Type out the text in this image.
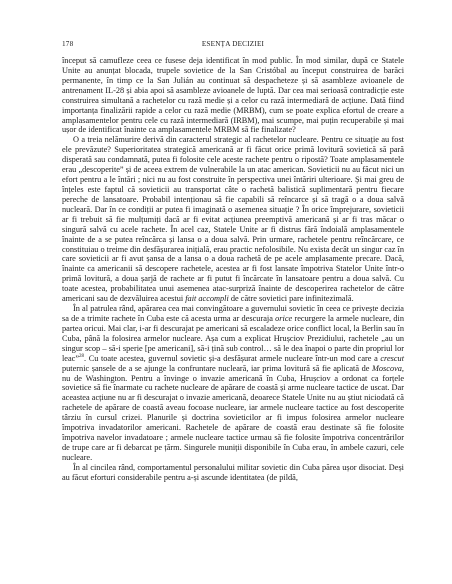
178	ESENȚA DECIZIEI

început să camufleze ceea ce fusese deja identificat în mod public. În mod similar, după ce Statele Unite au anunțat blocada, trupele sovietice de la San Cristóbal au început construirea de barăci permanente, în timp ce la San Julián au continuat să despacheteze și să asambleze avioanele de antrenament IL-28 și abia apoi să asambleze avioanele de luptă. Dar cea mai serioasă contradicție este construirea simultană a rachetelor cu rază medie și a celor cu rază intermediară de acțiune. Dată fiind importanța finalizării rapide a celor cu rază medie (MRBM), cum se poate explica efortul de creare a amplasamentelor pentru cele cu rază intermediară (IRBM), mai scumpe, mai puțin recuperabile și mai ușor de identificat înainte ca amplasamentele MRBM să fie finalizate?

O a treia nelămurire derivă din caracterul strategic al rachetelor nucleare. Pentru ce situație au fost ele prevăzute? Superioritatea strategică americană ar fi făcut orice primă lovitură sovietică să pară disperată sau condamnată, putea fi folosite cele aceste rachete pentru o ripostă? Toate amplasamentele erau „descoperite” și de aceea extrem de vulnerabile la un atac american. Sovieticii nu au făcut nici un efort pentru a le întări ; nici nu au fost construite în perspectiva unei întăriri ulterioare. Și mai greu de înțeles este faptul că sovieticii au transportat câte o rachetă balistică suplimentară pentru fiecare perechе de lansatoare. Probabil intenționau să fie capabili să reîncarce și să tragă o a doua salvă nucleară. Dar în ce condiții ar putea fi imaginată o asemenea situație ? În orice împrejurare, sovieticii ar fi trebuit să fie mulțumiți dacă ar fi evitat acțiunea preemptivă americană și ar fi tras măcar o singură salvă cu acele rachete. În acel caz, Statele Unite ar fi distrus fără îndoială amplasamentele înainte de a se putea reîncărca și lansa o a doua salvă. Prin urmare, rachetele pentru reîncărcare, ce constituiau o treime din desfășurarea inițială, erau practic nefolosibile. Nu exista decât un singur caz în care sovieticii ar fi avut șansa de a lansa o a doua rachetă de pe acele amplasamente precare. Dacă, înainte ca americanii să descopere rachetele, acestea ar fi fost lansate împotriva Statelor Unite într-o primă lovitură, a doua șarjă de rachete ar fi putut fi încărcate în lansatoare pentru a doua salvă. Cu toate acestea, probabilitatea unui asemenea atac-surpriză înainte de descoperirea rachetelor de către americani sau de dezvăluirea acestui fait accompli de către sovietici pare infinitezimală.

În al patrulea rând, apărarea cea mai convingătoare a guvernului sovietic în ceea ce privește decizia sa de a trimite rachete în Cuba este că acesta urma ar descuraja orice recurgere la armele nucleare, din partea oricui. Mai clar, i-ar fi descurajat pe americani să escaladeze orice conflict local, la Berlin sau în Cuba, până la folosirea armelor nucleare. Așa cum a explicat Hrușciov Prezidiului, rachetele „au un singur scop – să-i sperie [pe americani], să-i țină sub control… să le dea înapoi o parte din propriul lor leac”$^{28}$. Cu toate acestea, guvernul sovietic și-a desfășurat armele nucleare într-un mod care a crescut puternic șansele de a se ajunge la confruntare nucleară, iar prima lovitură să fie aplicată de Moscova, nu de Washington. Pentru a învinge o invazie americană în Cuba, Hrușciov a ordonat ca forțele sovietice să fie înarmate cu rachete nucleare de apărare de coastă și arme nucleare tactice de uscat. Dar aceastea acțiune nu ar fi descurajat o invazie americană, deoarece Statele Unite nu au știut niciodată că rachetele de apărare de coastă aveau focoase nucleare, iar armele nucleare tactice au fost descoperite târziu în cursul crizei. Planurile și doctrina sovieticilor ar fi impus folosirea armelor nucleare împotriva invadatorilor americani. Rachetele de apărare de coastă erau destinate să fie folosite împotriva navelor invadatoare ; armele nucleare tactice urmau să fie folosite împotriva concentrărilor de trupe care ar fi debarcat pe țărm. Singurele muniții disponibile în Cuba erau, în ambele cazuri, cele nucleare.

În al cincilea rând, comportamentul personalului militar sovietic din Cuba părea ușor disociat. Deși au făcut eforturi considerabile pentru a-și ascunde identitatea (de pildă,
